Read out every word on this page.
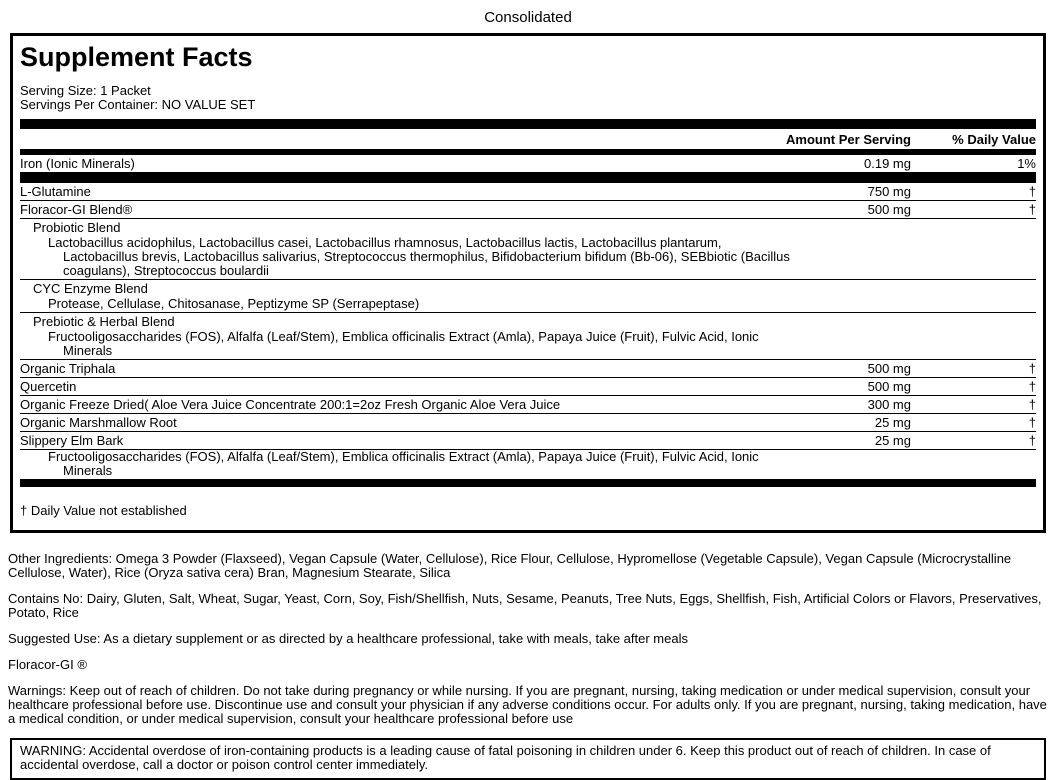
Consolidated
Supplement Facts
Serving Size: 1 Packet
Servings Per Container: NO VALUE SET
Amount Per Serving	% Daily Value
Iron (Ionic Minerals)	0.19 mg	1%
L-Glutamine	750 mg	†
Floracor-GI Blend®	500 mg	†
Probiotic Blend
Lactobacillus acidophilus, Lactobacillus casei, Lactobacillus rhamnosus, Lactobacillus lactis, Lactobacillus plantarum,
Lactobacillus brevis, Lactobacillus salivarius, Streptococcus thermophilus, Bifidobacterium bifidum (Bb-06), SEBbiotic (Bacillus
coagulans), Streptococcus boulardii
CYC Enzyme Blend
Protease, Cellulase, Chitosanase, Peptizyme SP (Serrapeptase)
Prebiotic & Herbal Blend
Fructooligosaccharides (FOS), Alfalfa (Leaf/Stem), Emblica officinalis Extract (Amla), Papaya Juice (Fruit), Fulvic Acid, Ionic
Minerals
Organic Triphala	500 mg	†
Quercetin	500 mg	†
Organic Freeze Dried( Aloe Vera Juice Concentrate 200:1=2oz Fresh Organic Aloe Vera Juice	300 mg	†
Organic Marshmallow Root	25 mg	†
Slippery Elm Bark	25 mg	†
Fructooligosaccharides (FOS), Alfalfa (Leaf/Stem), Emblica officinalis Extract (Amla), Papaya Juice (Fruit), Fulvic Acid, Ionic
Minerals
† Daily Value not established

Other Ingredients: Omega 3 Powder (Flaxseed), Vegan Capsule (Water, Cellulose), Rice Flour, Cellulose, Hypromellose (Vegetable Capsule), Vegan Capsule (Microcrystalline Cellulose, Water), Rice (Oryza sativa cera) Bran, Magnesium Stearate, Silica

Contains No: Dairy, Gluten, Salt, Wheat, Sugar, Yeast, Corn, Soy, Fish/Shellfish, Nuts, Sesame, Peanuts, Tree Nuts, Eggs, Shellfish, Fish, Artificial Colors or Flavors, Preservatives, Potato, Rice

Suggested Use: As a dietary supplement or as directed by a healthcare professional, take with meals, take after meals

Floracor-GI ®

Warnings: Keep out of reach of children. Do not take during pregnancy or while nursing. If you are pregnant, nursing, taking medication or under medical supervision, consult your healthcare professional before use. Discontinue use and consult your physician if any adverse conditions occur. For adults only. If you are pregnant, nursing, taking medication, have a medical condition, or under medical supervision, consult your healthcare professional before use

WARNING: Accidental overdose of iron-containing products is a leading cause of fatal poisoning in children under 6. Keep this product out of reach of children. In case of accidental overdose, call a doctor or poison control center immediately.
